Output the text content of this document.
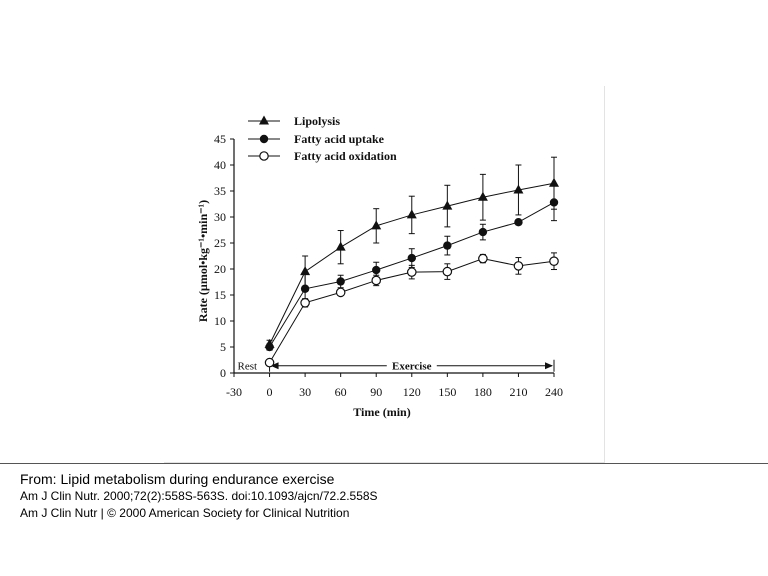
0
5
10
15
20
25
30
35
40
45
-30 0 30 60 90 120 150 180 210 240
Time (min)
Rate (µmol•kg⁻¹•min⁻¹)
Rest	Exercise
Lipolysis
Fatty acid uptake
Fatty acid oxidation
From: Lipid metabolism during endurance exercise
Am J Clin Nutr. 2000;72(2):558S-563S. doi:10.1093/ajcn/72.2.558S
Am J Clin Nutr | © 2000 American Society for Clinical Nutrition
